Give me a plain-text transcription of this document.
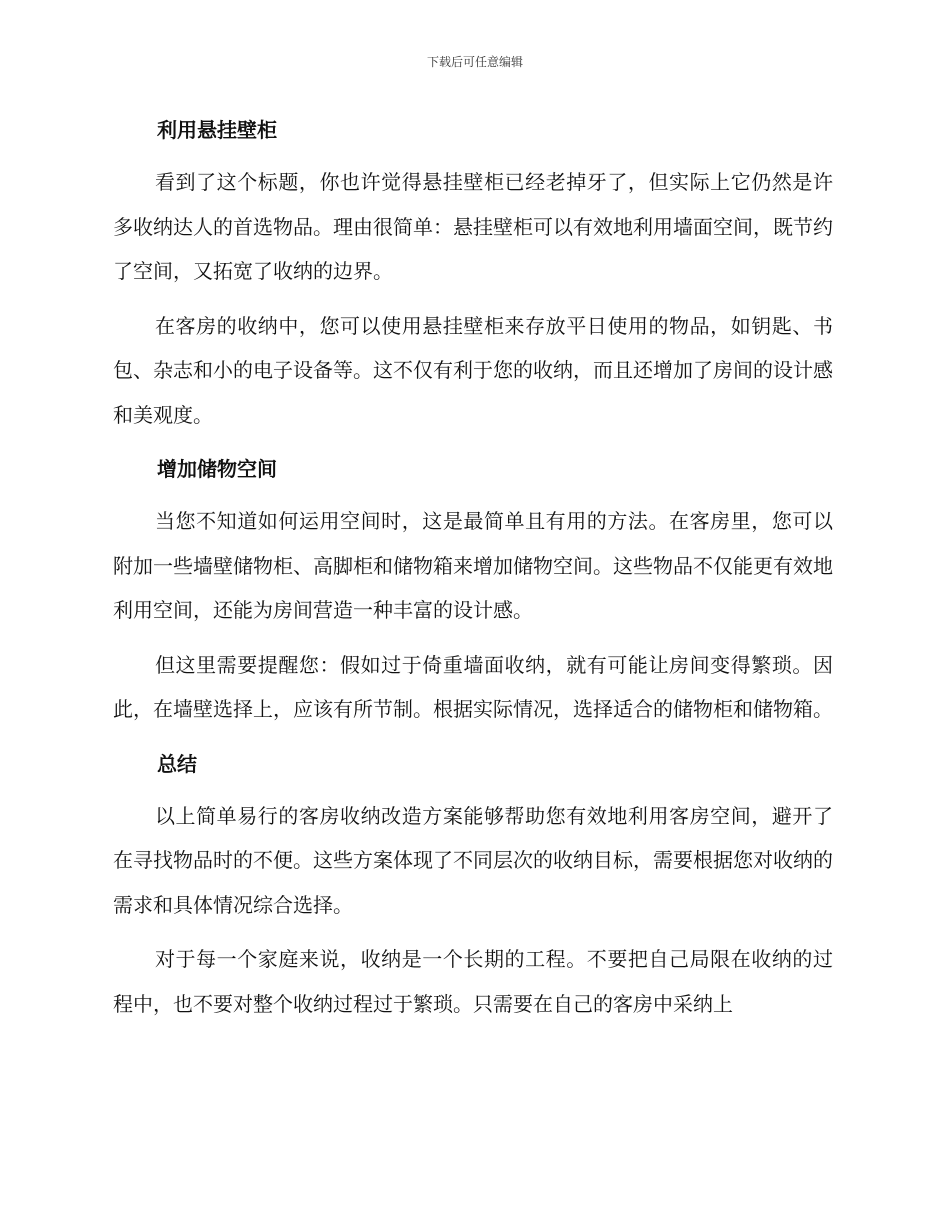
下载后可任意编辑
利用悬挂壁柜

看到了这个标题，你也许觉得悬挂壁柜已经老掉牙了，但实际上它仍然是许多收纳达人的首选物品。理由很简单：悬挂壁柜可以有效地利用墙面空间，既节约了空间，又拓宽了收纳的边界。

在客房的收纳中，您可以使用悬挂壁柜来存放平日使用的物品，如钥匙、书包、杂志和小的电子设备等。这不仅有利于您的收纳，而且还增加了房间的设计感和美观度。

增加储物空间

当您不知道如何运用空间时，这是最简单且有用的方法。在客房里，您可以附加一些墙壁储物柜、高脚柜和储物箱来增加储物空间。这些物品不仅能更有效地利用空间，还能为房间营造一种丰富的设计感。

但这里需要提醒您：假如过于倚重墙面收纳，就有可能让房间变得繁琐。因此，在墙壁选择上，应该有所节制。根据实际情况，选择适合的储物柜和储物箱。

总结

以上简单易行的客房收纳改造方案能够帮助您有效地利用客房空间，避开了在寻找物品时的不便。这些方案体现了不同层次的收纳目标，需要根据您对收纳的需求和具体情况综合选择。

对于每一个家庭来说，收纳是一个长期的工程。不要把自己局限在收纳的过程中，也不要对整个收纳过程过于繁琐。只需要在自己的客房中采纳上
